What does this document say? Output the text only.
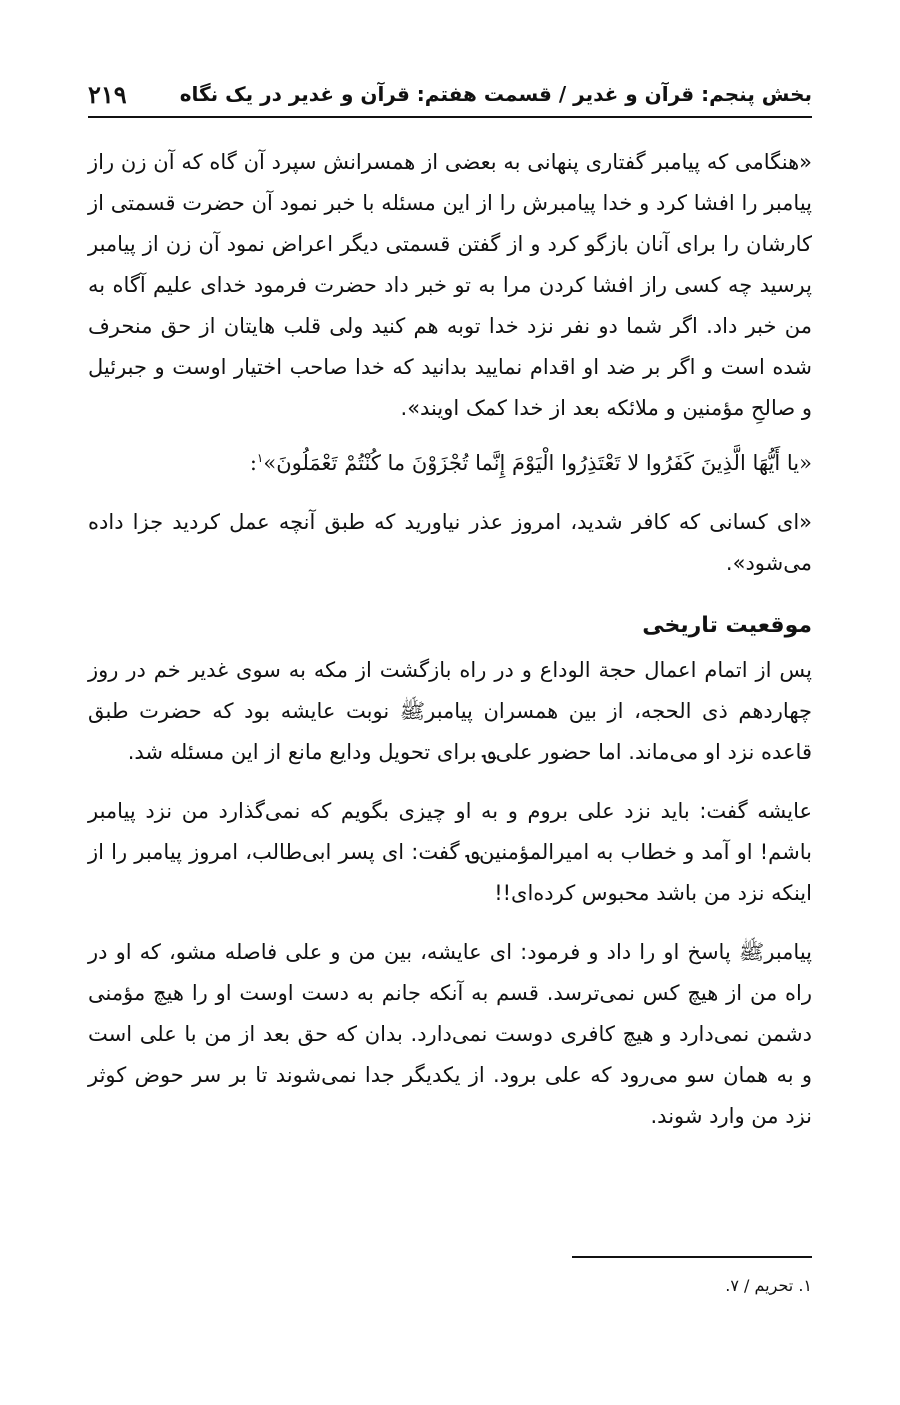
بخش پنجم: قرآن و غدیر / قسمت هفتم: قرآن و غدیر در یک نگاه
۲۱۹

«هنگامی که پیامبر گفتاری پنهانی به بعضی از همسرانش سپرد آن گاه که آن زن راز پیامبر را افشا کرد و خدا پیامبرش را از این مسئله با خبر نمود آن حضرت قسمتی از کارشان را برای آنان بازگو کرد و از گفتن قسمتی دیگر اعراض نمود آن زن از پیامبر پرسید چه کسی راز افشا کردن مرا به تو خبر داد حضرت فرمود خدای علیم آگاه به من خبر داد. اگر شما دو نفر نزد خدا توبه هم کنید ولی قلب هایتان از حق منحرف شده است و اگر بر ضد او اقدام نمایید بدانید که خدا صاحب اختیار اوست و جبرئیل و صالحِ مؤمنین و ملائکه بعد از خدا کمک اویند».

«يا أَيُّهَا الَّذِينَ كَفَرُوا لا تَعْتَذِرُوا الْيَوْمَ إِنَّما تُجْزَوْنَ ما كُنْتُمْ تَعْمَلُونَ»$^۱$:

«ای کسانی که کافر شدید، امروز عذر نیاورید که طبق آنچه عمل کردید جزا داده می‌شود».

موقعیت تاریخی

پس از اتمام اعمال حجة الوداع و در راه بازگشت از مکه به سوی غدیر خم در روز چهاردهم ذی الحجه، از بین همسران پیامبرﷺ نوبت عایشه بود که حضرت طبق قاعده نزد او می‌ماند. اما حضور علی؈ برای تحویل ودایع مانع از این مسئله شد.

عایشه گفت: باید نزد علی بروم و به او چیزی بگویم که نمی‌گذارد من نزد پیامبر باشم! او آمد و خطاب به امیرالمؤمنین؈ گفت: ای پسر ابی‌طالب، امروز پیامبر را از اینکه نزد من باشد محبوس کرده‌ای!!

پیامبرﷺ پاسخ او را داد و فرمود: ای عایشه، بین من و علی فاصله مشو، که او در راه من از هیچ کس نمی‌ترسد. قسم به آنکه جانم به دست اوست او را هیچ مؤمنی دشمن نمی‌دارد و هیچ کافری دوست نمی‌دارد. بدان که حق بعد از من با علی است و به همان سو می‌رود که علی برود. از یکدیگر جدا نمی‌شوند تا بر سر حوض کوثر نزد من وارد شوند.

۱. تحریم / ۷.
